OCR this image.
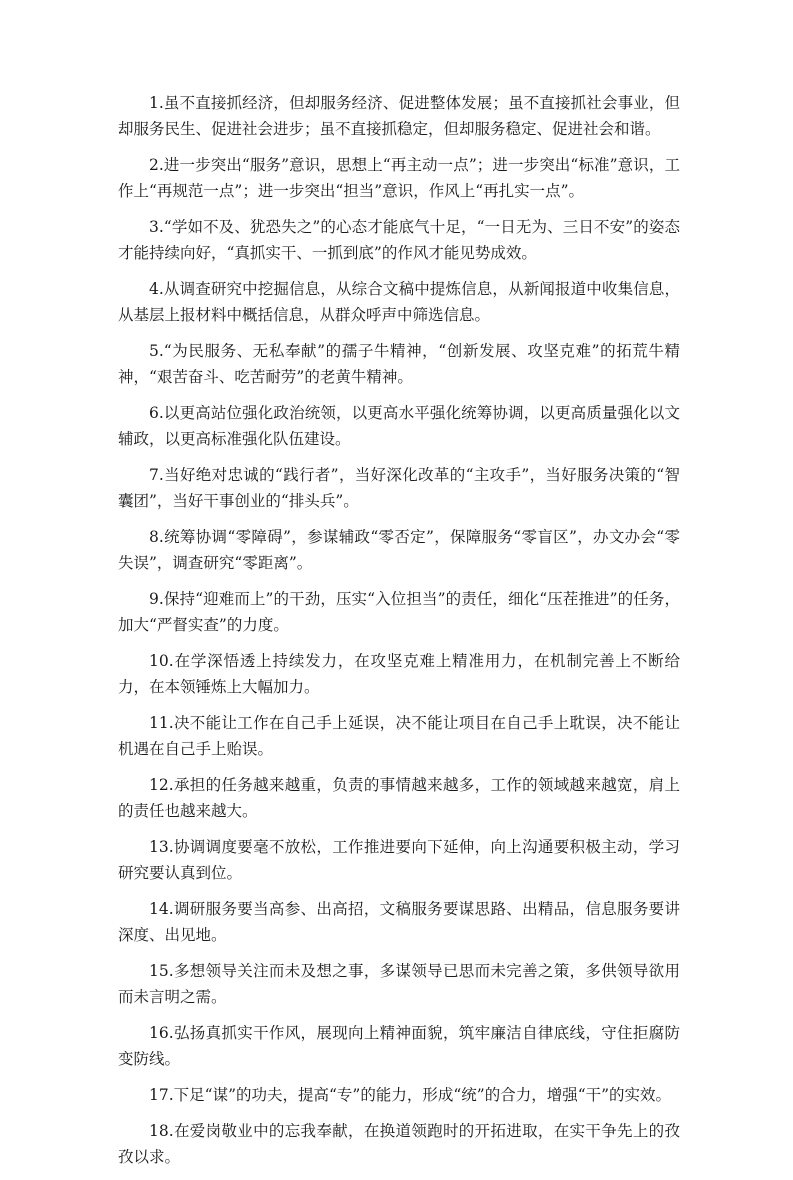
1.虽不直接抓经济，但却服务经济、促进整体发展；虽不直接抓社会事业，但却服务民生、促进社会进步；虽不直接抓稳定，但却服务稳定、促进社会和谐。

2.进一步突出“服务”意识，思想上“再主动一点”；进一步突出“标准”意识，工作上“再规范一点”；进一步突出“担当”意识，作风上“再扎实一点”。

3.“学如不及、犹恐失之”的心态才能底气十足，“一日无为、三日不安”的姿态才能持续向好，“真抓实干、一抓到底”的作风才能见势成效。

4.从调查研究中挖掘信息，从综合文稿中提炼信息，从新闻报道中收集信息，从基层上报材料中概括信息，从群众呼声中筛选信息。

5.“为民服务、无私奉献”的孺子牛精神，“创新发展、攻坚克难”的拓荒牛精神，“艰苦奋斗、吃苦耐劳”的老黄牛精神。

6.以更高站位强化政治统领，以更高水平强化统筹协调，以更高质量强化以文辅政，以更高标准强化队伍建设。

7.当好绝对忠诚的“践行者”，当好深化改革的“主攻手”，当好服务决策的“智囊团”，当好干事创业的“排头兵”。

8.统筹协调“零障碍”，参谋辅政“零否定”，保障服务“零盲区”，办文办会“零失误”，调查研究“零距离”。

9.保持“迎难而上”的干劲，压实“入位担当”的责任，细化“压茬推进”的任务，加大“严督实查”的力度。

10.在学深悟透上持续发力，在攻坚克难上精准用力，在机制完善上不断给力，在本领锤炼上大幅加力。

11.决不能让工作在自己手上延误，决不能让项目在自己手上耽误，决不能让机遇在自己手上贻误。

12.承担的任务越来越重，负责的事情越来越多，工作的领域越来越宽，肩上的责任也越来越大。

13.协调调度要毫不放松，工作推进要向下延伸，向上沟通要积极主动，学习研究要认真到位。

14.调研服务要当高参、出高招，文稿服务要谋思路、出精品，信息服务要讲深度、出见地。

15.多想领导关注而未及想之事，多谋领导已思而未完善之策，多供领导欲用而未言明之需。

16.弘扬真抓实干作风，展现向上精神面貌，筑牢廉洁自律底线，守住拒腐防变防线。

17.下足“谋”的功夫，提高“专”的能力，形成“统”的合力，增强“干”的实效。

18.在爱岗敬业中的忘我奉献，在换道领跑时的开拓进取，在实干争先上的孜孜以求。
